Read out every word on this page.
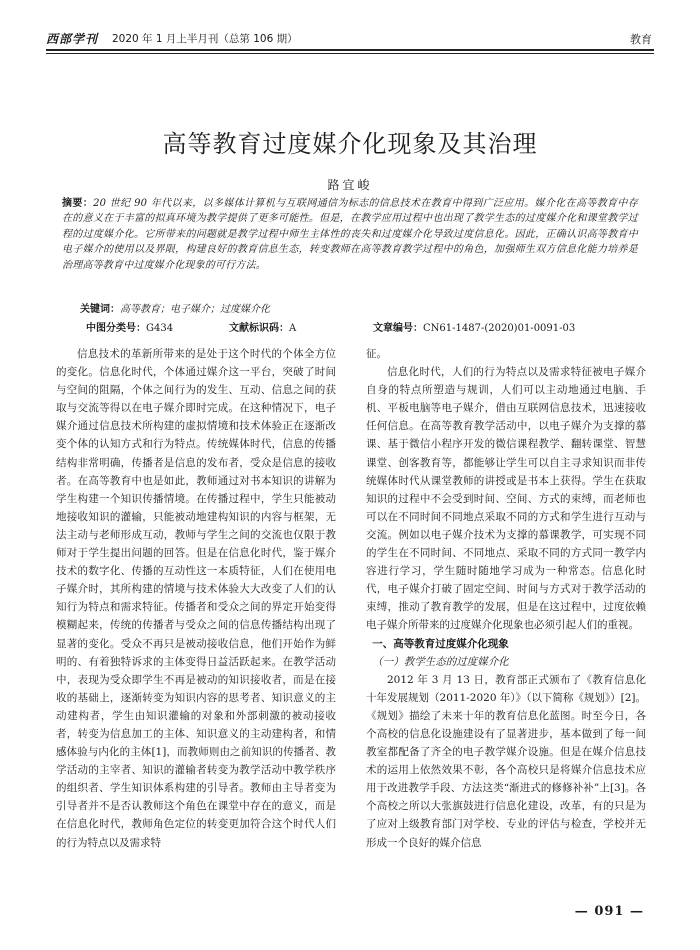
西部学刊 2020 年 1 月上半月刊（总第 106 期）	教育
高等教育过度媒介化现象及其治理
路宜峻
摘要：20 世纪 90 年代以来，以多媒体计算机与互联网通信为标志的信息技术在教育中得到广泛应用。媒介化在高等教育中存在的意义在于丰富的拟真环境为教学提供了更多可能性。但是，在教学应用过程中也出现了教学生态的过度媒介化和课堂教学过程的过度媒介化。它所带来的问题就是教学过程中师生主体性的丧失和过度媒介化导致过度信息化。因此，正确认识高等教育中电子媒介的使用以及界限，构建良好的教育信息生态，转变教师在高等教育教学过程中的角色，加强师生双方信息化能力培养是治理高等教育中过度媒介化现象的可行方法。
关键词：高等教育；电子媒介；过度媒介化
中图分类号：G434	文献标识码：A	文章编号：CN61-1487-(2020)01-0091-03

信息技术的革新所带来的是处于这个时代的个体全方位的变化。信息化时代，个体通过媒介这一平台，突破了时间与空间的阻隔，个体之间行为的发生、互动、信息之间的获取与交流等得以在电子媒介即时完成。在这种情况下，电子媒介通过信息技术所构建的虚拟情境和技术体验正在逐渐改变个体的认知方式和行为特点。传统媒体时代，信息的传播结构非常明确，传播者是信息的发布者，受众是信息的接收者。在高等教育中也是如此，教师通过对书本知识的讲解为学生构建一个知识传播情境。在传播过程中，学生只能被动地接收知识的灌输，只能被动地建构知识的内容与框架，无法主动与老师形成互动，教师与学生之间的交流也仅限于教师对于学生提出问题的回答。但是在信息化时代，鉴于媒介技术的数字化、传播的互动性这一本质特征，人们在使用电子媒介时，其所构建的情境与技术体验大大改变了人们的认知行为特点和需求特征。传播者和受众之间的界定开始变得模糊起来，传统的传播者与受众之间的信息传播结构出现了显著的变化。受众不再只是被动接收信息，他们开始作为鲜明的、有着独特诉求的主体变得日益活跃起来。在教学活动中，表现为受众即学生不再是被动的知识接收者，而是在接收的基础上，逐渐转变为知识内容的思考者、知识意义的主动建构者，学生由知识灌输的对象和外部刺激的被动接收者，转变为信息加工的主体、知识意义的主动建构者，和情感体验与内化的主体[1]，而教师则由之前知识的传播者、教学活动的主宰者、知识的灌输者转变为教学活动中教学秩序的组织者、学生知识体系构建的引导者。教师由主导者变为引导者并不是否认教师这个角色在课堂中存在的意义，而是在信息化时代，教师角色定位的转变更加符合这个时代人们的行为特点以及需求特

征。

信息化时代，人们的行为特点以及需求特征被电子媒介自身的特点所塑造与规训，人们可以主动地通过电脑、手机、平板电脑等电子媒介，借由互联网信息技术，迅速接收任何信息。在高等教育教学活动中，以电子媒介为支撑的慕课、基于微信小程序开发的微信课程教学、翻转课堂、智慧课堂、创客教育等，都能够让学生可以自主寻求知识而非传统媒体时代从课堂教师的讲授或是书本上获得。学生在获取知识的过程中不会受到时间、空间、方式的束缚，而老师也可以在不同时间不同地点采取不同的方式和学生进行互动与交流。例如以电子媒介技术为支撑的慕课教学，可实现不同的学生在不同时间、不同地点、采取不同的方式同一教学内容进行学习，学生随时随地学习成为一种常态。信息化时代，电子媒介打破了固定空间、时间与方式对于教学活动的束缚，推动了教育教学的发展，但是在这过程中，过度依赖电子媒介所带来的过度媒介化现象也必须引起人们的重视。

一、高等教育过度媒介化现象

（一）教学生态的过度媒介化

2012 年 3 月 13 日，教育部正式颁布了《教育信息化十年发展规划（2011-2020 年）》（以下简称《规划》）[2]。《规划》描绘了未来十年的教育信息化蓝图。时至今日，各个高校的信息化设施建设有了显著进步，基本做到了每一间教室都配备了齐全的电子教学媒介设施。但是在媒介信息技术的运用上依然效果不彰，各个高校只是将媒介信息技术应用于改进教学手段、方法这类“渐进式的修修补补”上[3]。各个高校之所以大张旗鼓进行信息化建设，改革，有的只是为了应对上级教育部门对学校、专业的评估与检查，学校并无形成一个良好的媒介信息

— 091 —
